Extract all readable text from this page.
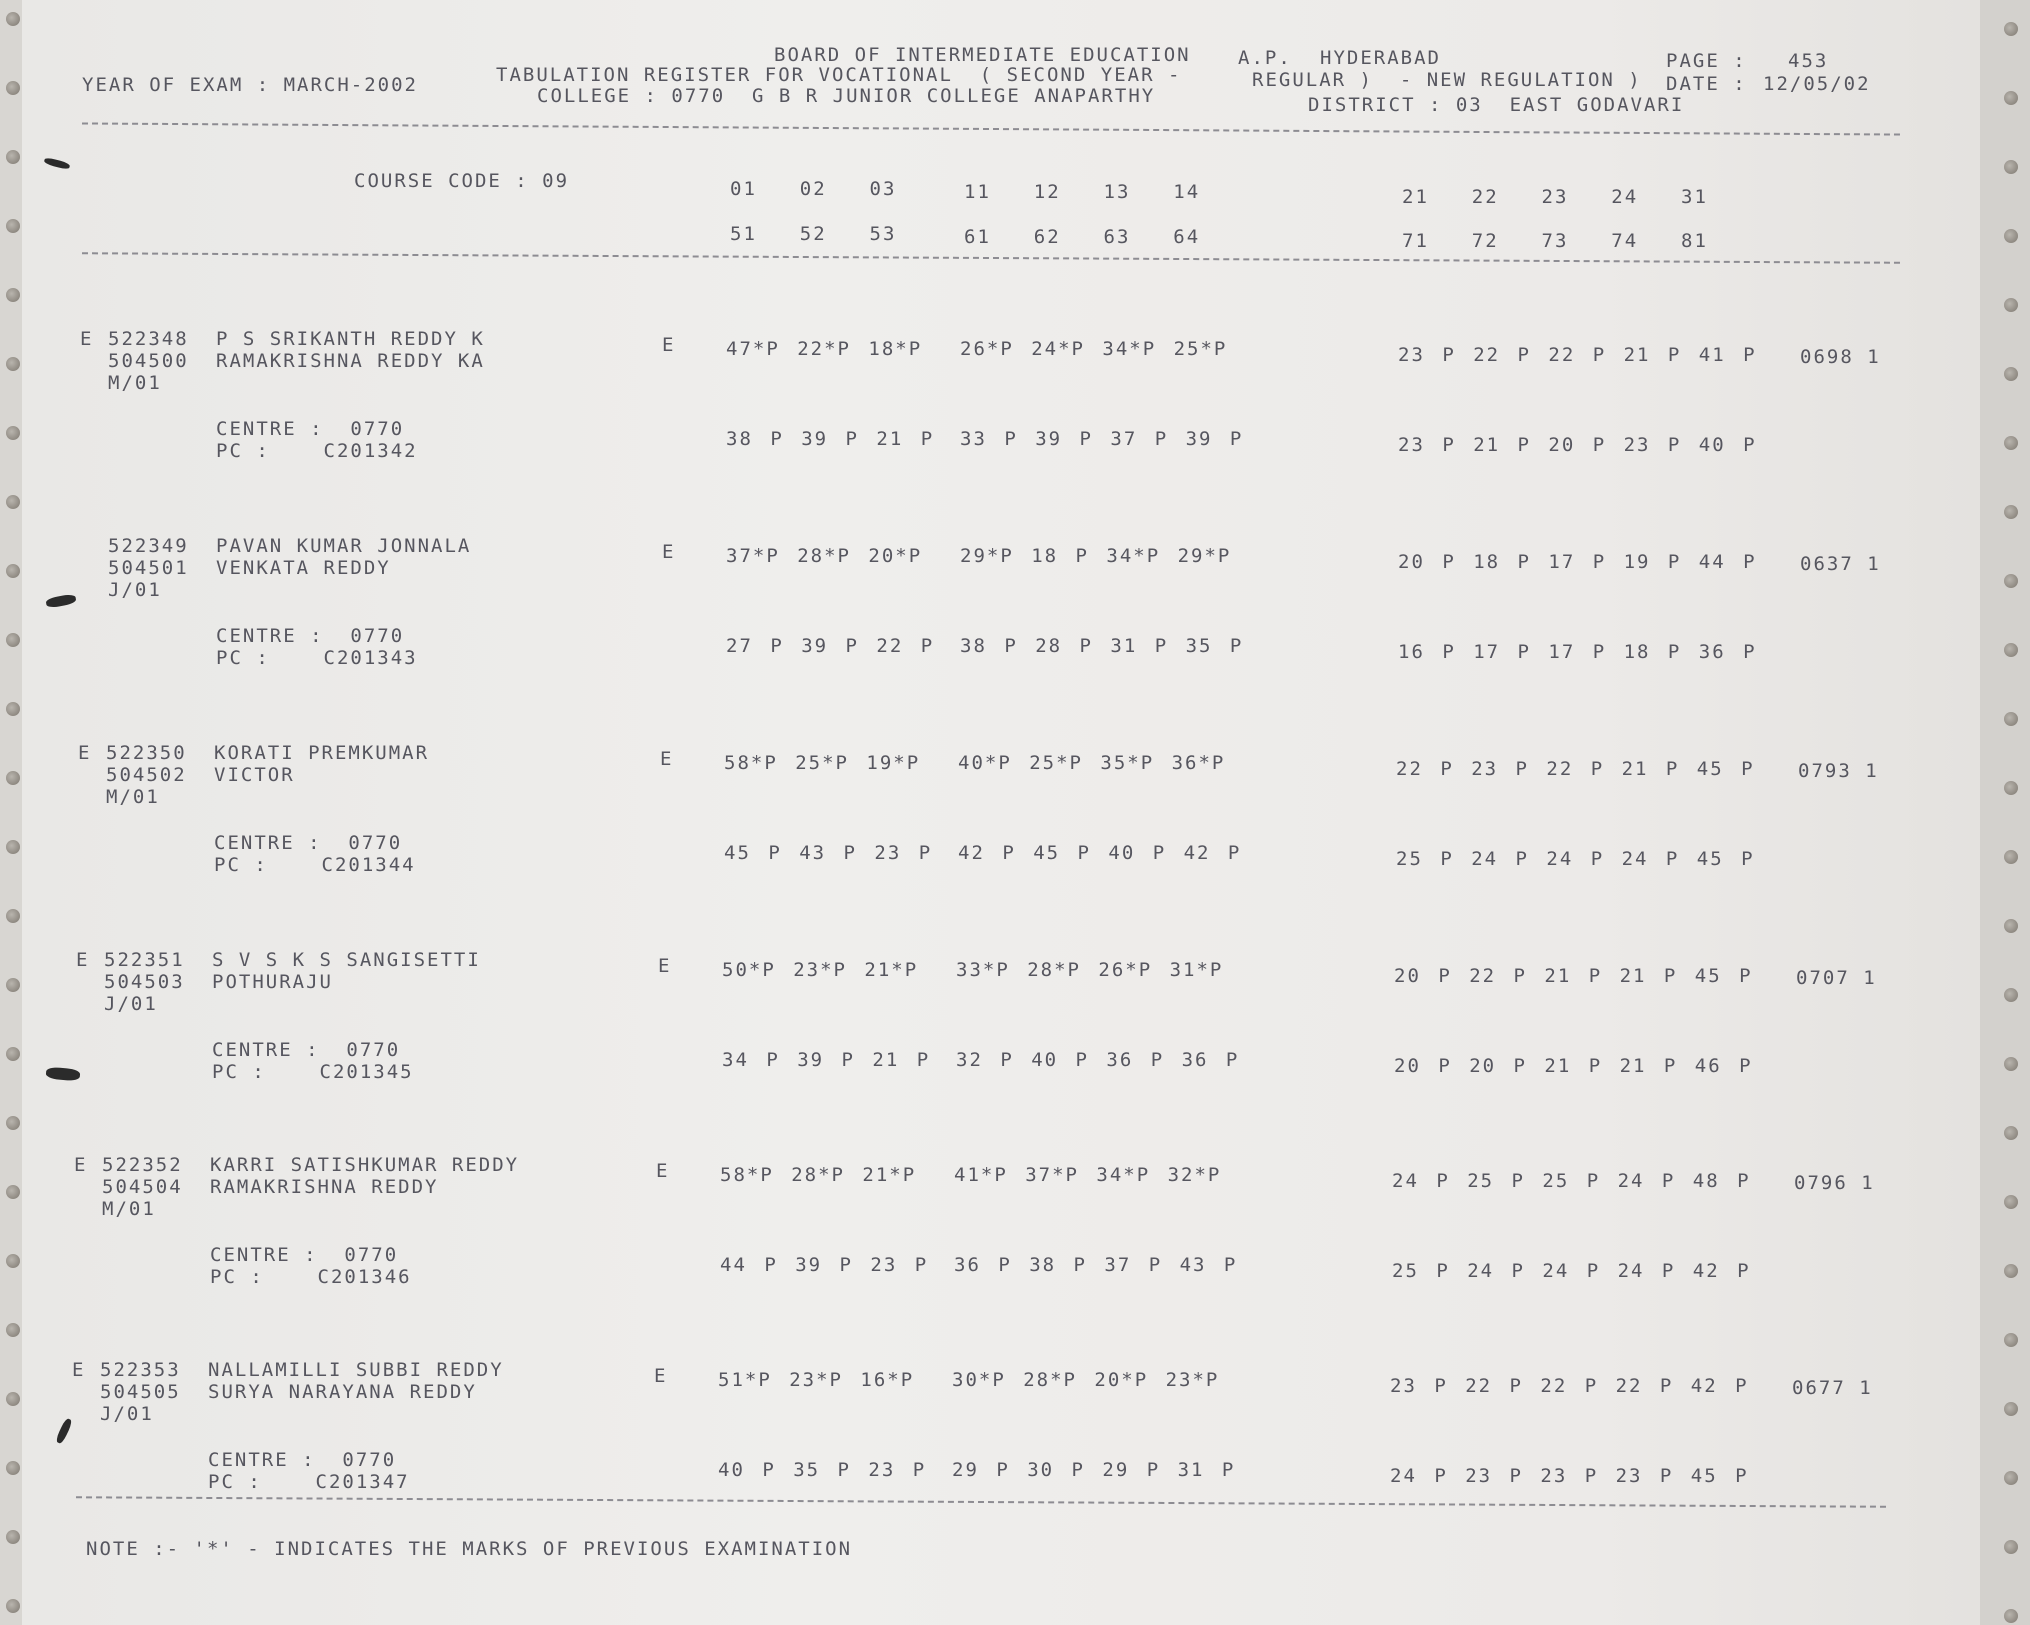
YEAR OF EXAM : MARCH-2002
BOARD OF INTERMEDIATE EDUCATION A.P. HYDERABAD
TABULATION REGISTER FOR VOCATIONAL  ( SECOND YEAR -	REGULAR )  - NEW REGULATION )
COLLEGE : 0770  G B R JUNIOR COLLEGE ANAPARTHY	DISTRICT : 03  EAST GODAVARI
PAGE : 453
DATE : 12/05/02
COURSE CODE : 09	01  02  03	11  12  13  14	21  22  23  24  31
51  52  53	61  62  63  64	71  72  73  74  81
E 522348 P S SRIKANTH REDDY K
504500 RAMAKRISHNA REDDY KA
M/01
E	47*P 22*P 18*P 26*P 24*P 34*P 25*P	23 P 22 P 22 P 21 P 41 P 0698 1
CENTRE :  0770
PC :    C201342
38 P 39 P 21 P 33 P 39 P 37 P 39 P	23 P 21 P 20 P 23 P 40 P
522349 PAVAN KUMAR JONNALA
504501 VENKATA REDDY
J/01
E	37*P 28*P 20*P 29*P 18 P 34*P 29*P	20 P 18 P 17 P 19 P 44 P 0637 1
CENTRE :  0770
PC :    C201343
27 P 39 P 22 P 38 P 28 P 31 P 35 P	16 P 17 P 17 P 18 P 36 P
E 522350 KORATI PREMKUMAR
504502 VICTOR
M/01
E	58*P 25*P 19*P 40*P 25*P 35*P 36*P	22 P 23 P 22 P 21 P 45 P 0793 1
CENTRE :  0770
PC :    C201344
45 P 43 P 23 P 42 P 45 P 40 P 42 P	25 P 24 P 24 P 24 P 45 P
E 522351 S V S K S SANGISETTI
504503 POTHURAJU
J/01
E	50*P 23*P 21*P 33*P 28*P 26*P 31*P	20 P 22 P 21 P 21 P 45 P 0707 1
CENTRE :  0770
PC :    C201345
34 P 39 P 21 P 32 P 40 P 36 P 36 P	20 P 20 P 21 P 21 P 46 P
E 522352 KARRI SATISHKUMAR REDDY
504504 RAMAKRISHNA REDDY
M/01
E	58*P 28*P 21*P 41*P 37*P 34*P 32*P	24 P 25 P 25 P 24 P 48 P 0796 1
CENTRE :  0770
PC :    C201346
44 P 39 P 23 P 36 P 38 P 37 P 43 P	25 P 24 P 24 P 24 P 42 P
E 522353 NALLAMILLI SUBBI REDDY
504505 SURYA NARAYANA REDDY
J/01
E	51*P 23*P 16*P 30*P 28*P 20*P 23*P	23 P 22 P 22 P 22 P 42 P 0677 1
CENTRE :  0770
PC :    C201347
40 P 35 P 23 P 29 P 30 P 29 P 31 P	24 P 23 P 23 P 23 P 45 P
NOTE :- '*' - INDICATES THE MARKS OF PREVIOUS EXAMINATION
